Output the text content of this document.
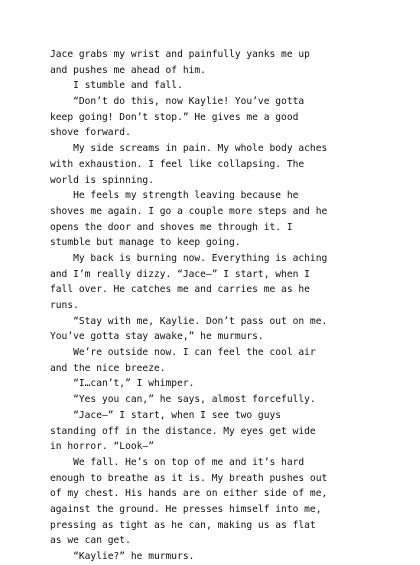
Jace grabs my wrist and painfully yanks me up
and pushes me ahead of him.
I stumble and fall.
“Don’t do this, now Kaylie! You’ve gotta
keep going! Don’t stop.” He gives me a good
shove forward.
My side screams in pain. My whole body aches
with exhaustion. I feel like collapsing. The
world is spinning.
He feels my strength leaving because he
shoves me again. I go a couple more steps and he
opens the door and shoves me through it. I
stumble but manage to keep going.
My back is burning now. Everything is aching
and I’m really dizzy. “Jace—” I start, when I
fall over. He catches me and carries me as he
runs.
“Stay with me, Kaylie. Don’t pass out on me.
You’ve gotta stay awake,” he murmurs.
We’re outside now. I can feel the cool air
and the nice breeze.
“I…can’t,” I whimper.
“Yes you can,” he says, almost forcefully.
“Jace—” I start, when I see two guys
standing off in the distance. My eyes get wide
in horror. “Look—”
We fall. He’s on top of me and it’s hard
enough to breathe as it is. My breath pushes out
of my chest. His hands are on either side of me,
against the ground. He presses himself into me,
pressing as tight as he can, making us as flat
as we can get.
“Kaylie?” he murmurs.
